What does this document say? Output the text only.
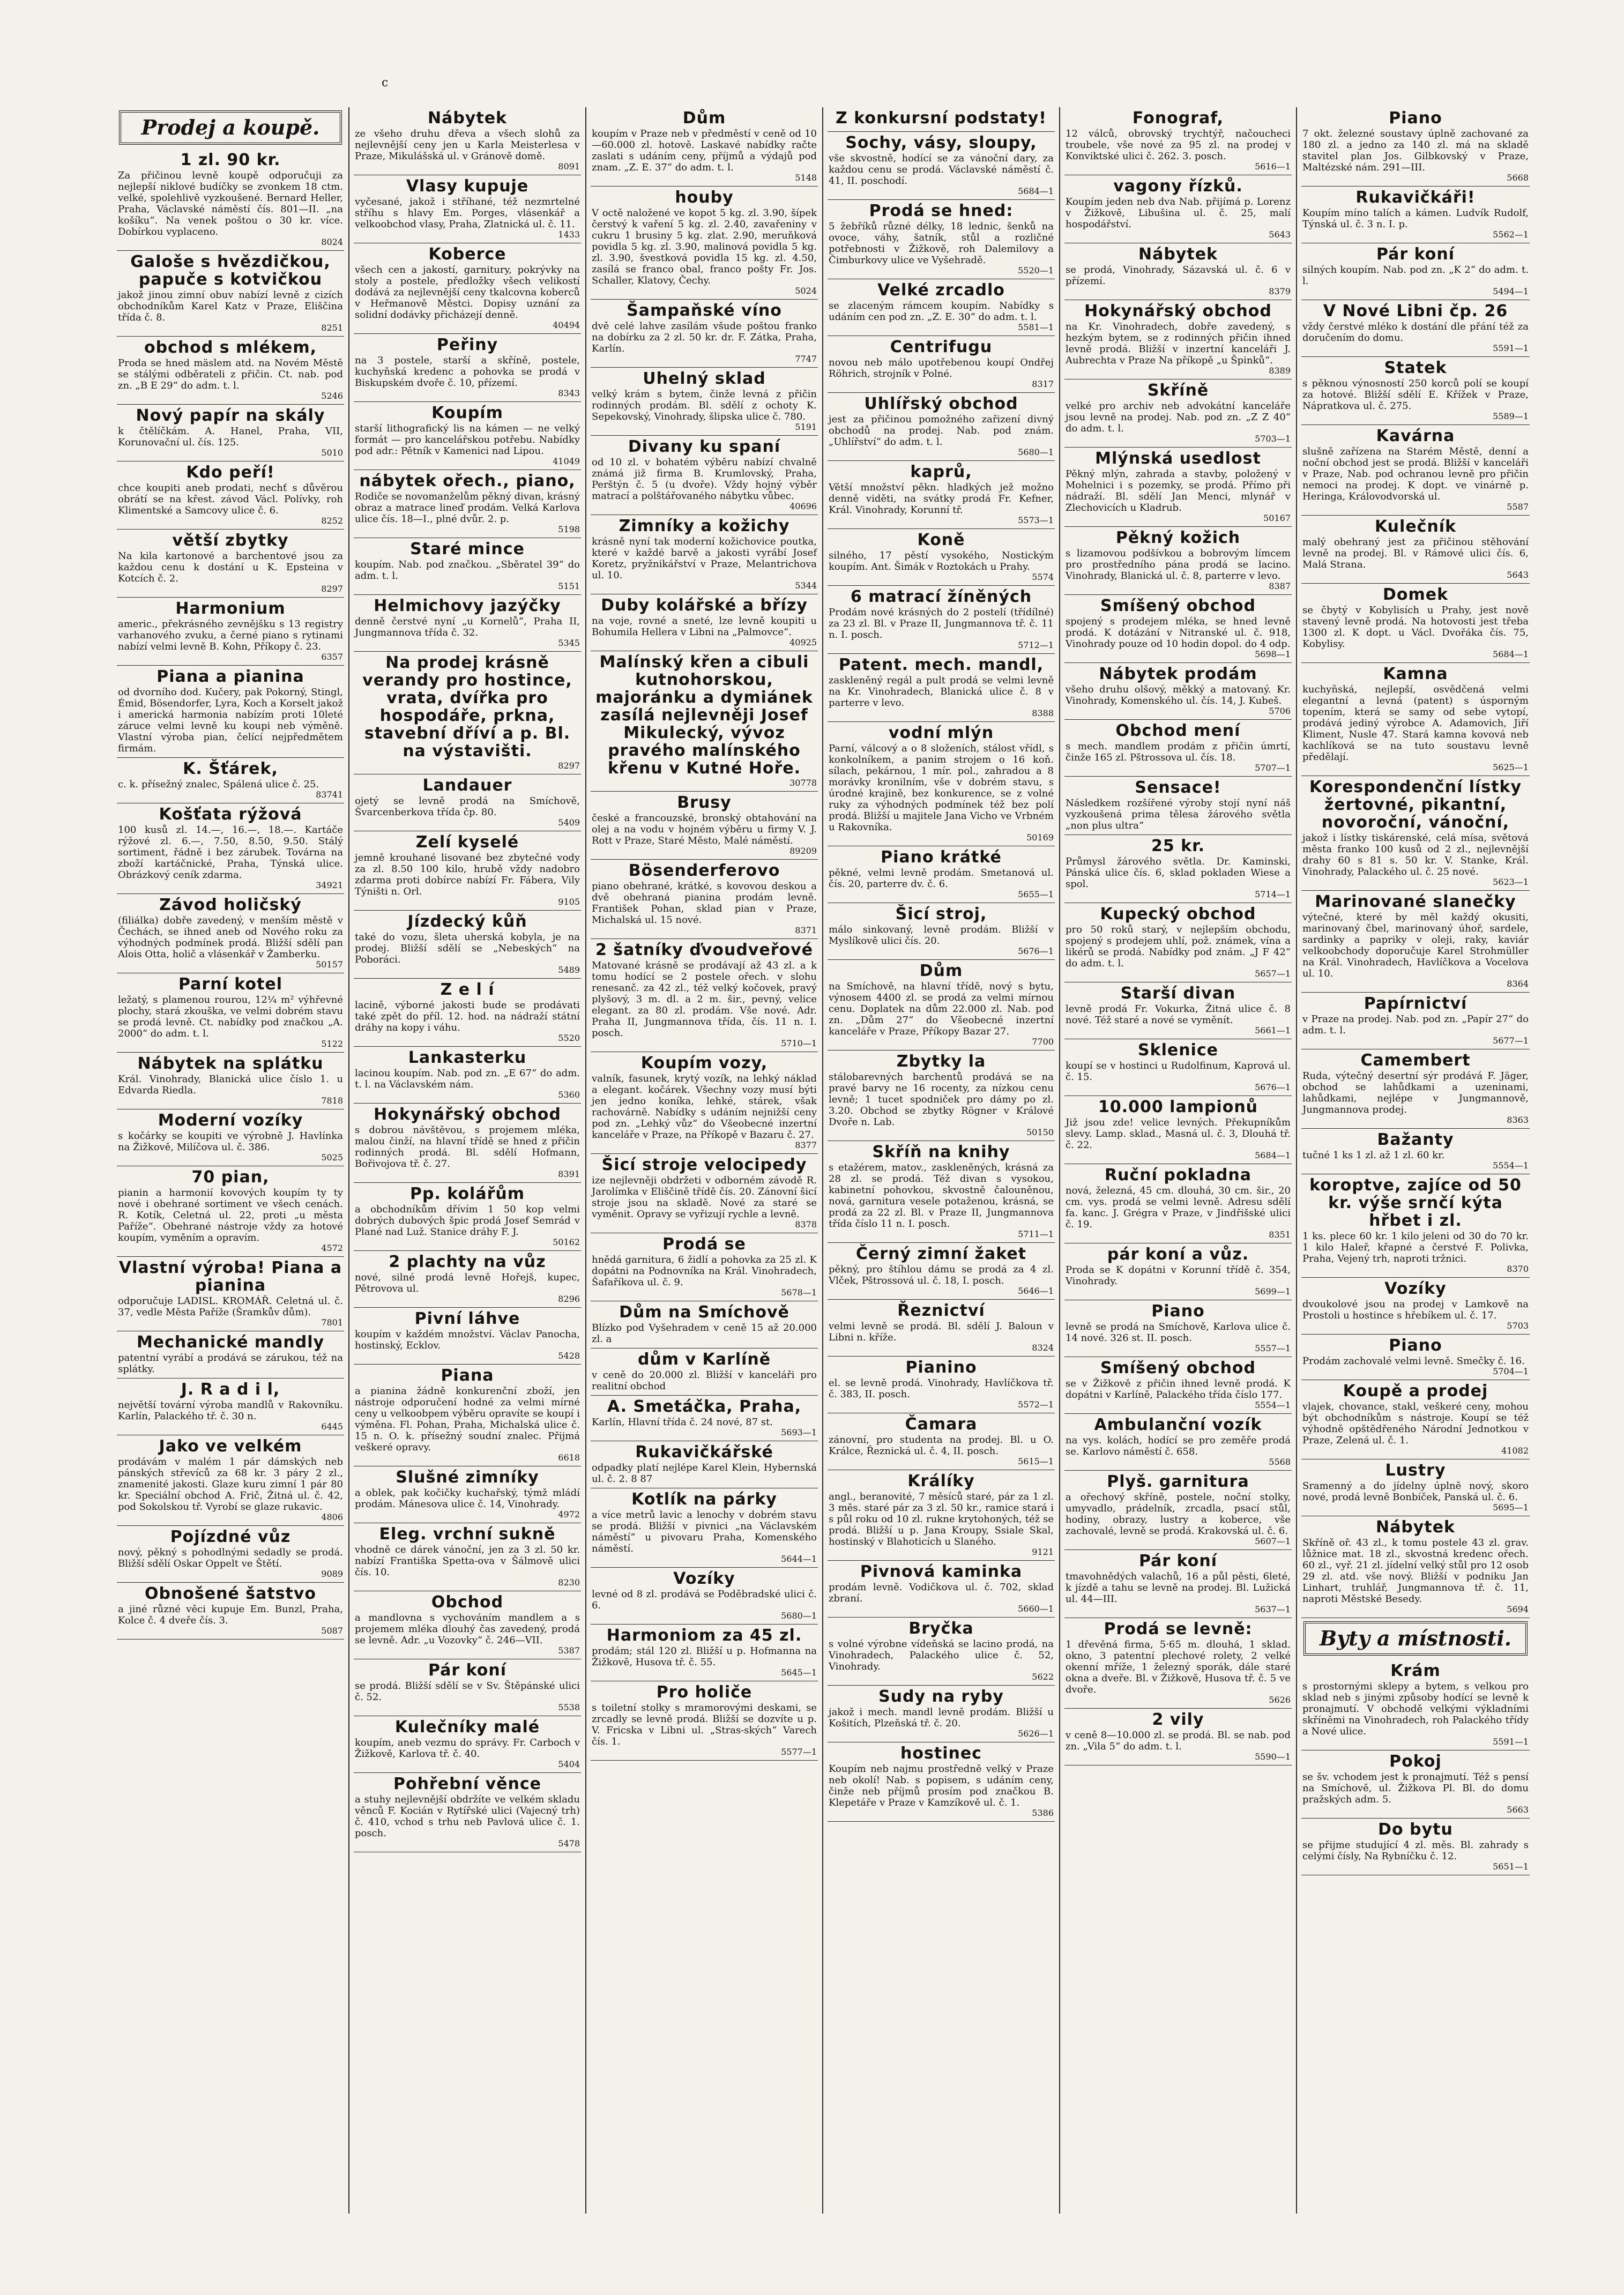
Prodej a koupě.
1 zl. 90 kr.

Za přičinou levně koupě odporučuji za nejlepší niklové budíčky se zvonkem 18 ctm. velké, spolehlivě vyzkoušené. Bernard Heller, Praha, Václavské náměstí čís. 801—II. „na košíku“. Na venek poštou o 30 kr. více. Dobírkou vyplaceno.

8024
Galoše s hvězdičkou, papuče s kotvičkou

jakož jinou zimní obuv nabízí levně z cizích obchodníkům Karel Katz v Praze, Eliščina třída č. 8.

8251
obchod s mlékem,

Proda se hned mäslem atd. na Novém Městě se stálými odběrateli z přičin. Ct. nab. pod zn. „B E 29“ do adm. t. l.

5246
Nový papír na skály

k čtělíčkám. A. Hanel, Praha, VII, Korunovační ul. čís. 125.

5010
Kdo peří!

chce koupiti aneb prodati, nechť s důvěrou obrátí se na křest. závod Václ. Polívky, roh Klimentské a Samcovy ulice č. 6.

8252
větší zbytky

Na kila kartonové a barchentové jsou za každou cenu k dostání u K. Epsteina v Kotcích č. 2.

8297
Harmonium

americ., překrásného zevnějšku s 13 registry varhanového zvuku, a černé piano s rytinami nabízí velmi levně B. Kohn, Příkopy č. 23.

6357
Piana a pianina

od dvorního dod. Kučery, pak Pokorný, Stingl, Émid, Bösendorfer, Lyra, Koch a Korselt jakož i americká harmonia nabízím proti 10leté záruce velmi levně ku koupi neb výměně. Vlastní výroba pian, čelící nejpředmětem firmám.

K. Šťárek,

c. k. přísežný znalec, Spálená ulice č. 25.

83741
Košťata rýžová

100 kusů zl. 14.—, 16.—, 18.—. Kartáče rýžové zl. 6.—, 7.50, 8.50, 9.50. Stálý sortiment, řádně i bez zárubek. Továrna na zboží kartáčnické, Praha, Týnská ulice. Obrázkový ceník zdarma.

34921
Závod holičský

(filiálka) dobře zavedený, v menším městě v Čechách, se ihned aneb od Nového roku za výhodných podmínek prodá. Bližší sdělí pan Alois Otta, holič a vlásenkář v Žamberku.

50157
Parní kotel

ležatý, s plamenou rourou, 12¼ m² výhřevné plochy, stará zkouška, ve velmi dobrém stavu se prodá levně. Ct. nabídky pod značkou „A. 2000“ do adm. t. l.

5122
Nábytek na splátku

Král. Vinohrady, Blanická ulice číslo 1. u Edvarda Riedla.

7818
Moderní vozíky

s kočárky se koupiti ve výrobně J. Havlínka na Žižkově, Milíčova ul. č. 386.

5025
70 pian,

pianin a harmonií kovových koupím ty ty nové i obehrané sortiment ve všech cenách. R. Kotík, Celetná ul. 22, proti „u města Paříže“. Obehrané nástroje vždy za hotové koupím, vyměním a opravím.

4572
Vlastní výroba! Piana a pianina

odporučuje LADISL. KROMÁŘ. Celetná ul. č. 37, vedle Města Paříže (Šramkův dům).

7801
Mechanické mandly

patentní vyrábí a prodává se zárukou, též na splátky.

J. R a d i l,

největší tovární výroba mandlů v Rakovníku. Karlín, Palackého tř. č. 30 n.

6445
Jako ve velkém

prodávám v malém 1 pár dámských neb pánských střevíců za 68 kr. 3 páry 2 zl., znamenité jakosti. Glaze kuru zimní 1 pár 80 kr. Speciální obchod A. Frič, Žitná ul. č. 42, pod Sokolskou tř. Vyrobí se glaze rukavic.

4806
Pojízdné vůz

nový, pěkný s pohodlnými sedadly se prodá. Bližší sdělí Oskar Oppelt ve Štětí.

9089
Obnošené šatstvo

a jiné různé věci kupuje Em. Bunzl, Praha, Kolce č. 4 dveře čís. 3.

5087
Nábytek

ze všeho druhu dřeva a všech slohů za nejlevnější ceny jen u Karla Meisterlesa v Praze, Mikulášská ul. v Gránově domě.

8091
Vlasy kupuje

vyčesané, jakož i stříhané, též nezmrtelné stříhu s hlavy Em. Porges, vlásenkář a velkoobchod vlasy, Praha, Zlatnická ul. č. 11.

1433
Koberce

všech cen a jakostí, garnitury, pokrývky na stoly a postele, předložky všech velikostí dodává za nejlevnější ceny tkalcovna koberců v Heřmanově Městci. Dopisy uznání za solidní dodávky přicházejí denně.

40494
Peřiny

na 3 postele, starší a skříně, postele, kuchyňská kredenc a pohovka se prodá v Biskupském dvoře č. 10, přízemí.

8343
Koupím

starší lithografický lis na kámen — ne velký formát — pro kancelářskou potřebu. Nabídky pod adr.: Pětník v Kamenici nad Lipou.

41049
nábytek ořech., piano,

Rodiče se novomanželům pěkný divan, krásný obraz a matrace lineď prodám. Velká Karlova ulice čís. 18—I., plné dvůr. 2. p.

5198
Staré mince

koupím. Nab. pod značkou. „Sběratel 39“ do adm. t. l.

5151
Helmichovy jazýčky

denně čerstvé nyní „u Kornelů“, Praha II, Jungmannova třída č. 32.

5345
Na prodej krásně verandy pro hostince, vrata, dvířka pro hospodáře, prkna, stavební dříví a p. Bl. na výstavišti.
8297
Landauer

ojetý se levně prodá na Smíchově, Švarcenberkova třída čp. 80.

5409
Zelí kyselé

jemně krouhané lisované bez zbytečné vody za zl. 8.50 100 kilo, hrubě vždy nadobro zdarma proti dobírce nabízí Fr. Fábera, Vily Týništi n. Orl.

9105
Jízdecký kůň

také do vozu, šleta uherská kobyla, je na prodej. Bližší sdělí se „Nebeských“ na Poboráci.

5489
Z e l í

lacině, výborné jakosti bude se prodávati také zpět do příl. 12. hod. na nádraží státní dráhy na kopy i váhu.

5520
Lankasterku

lacinou koupím. Nab. pod zn. „E 67“ do adm. t. l. na Václavském nám.

5360
Hokynářský obchod

s dobrou návštěvou, s projemem mléka, malou činží, na hlavní třídě se hned z přičin rodinných prodá. Bl. sdělí Hofmann, Bořivojova tř. č. 27.

8391
Pp. kolářům

a obchodníkům dřívím 1 50 kop velmi dobrých dubových špic prodá Josef Semrád v Plané nad Luž. Stanice dráhy F. J.

50162
2 plachty na vůz

nové, silné prodá levně Hořejš, kupec, Pětrovova ul.

8296
Pivní láhve

koupím v každém množství. Václav Panocha, hostinský, Ecklov.

5428
Piana

a pianina žádně konkurenční zboží, jen nástroje odporučení hodné za velmi mírné ceny u velkoobpem výběru opravíte se koupí i výměna. Fl. Pohan, Praha, Michalská ulice č. 15 n. O. k. přísežný soudní znalec. Přijmá veškeré opravy.

6618
Slušné zimníky

a oblek, pak kočičky kuchařský, týmž mládí prodám. Mánesova ulice č. 14, Vinohrady.

4972
Eleg. vrchní sukně

vhodně ce dárek vánoční, jen za 3 zl. 50 kr. nabízí Františka Spetta-ova v Šálmově ulici čís. 10.

8230
Obchod

a mandlovna s vychováním mandlem a s projemem mléka dlouhý čas zavedený, prodá se levně. Adr. „u Vozovky“ č. 246—VII.

5387
Pár koní

se prodá. Bližší sdělí se v Sv. Štěpánské ulici č. 52.

5538
Kulečníky malé

koupím, aneb vezmu do správy. Fr. Carboch v Žižkově, Karlova tř. č. 40.

5404
Pohřební věnce

a stuhy nejlevnější obdržíte ve velkém skladu věnců F. Kocián v Rytířské ulici (Vajecný trh) č. 410, vchod s trhu neb Pavlová ulice č. 1. posch.

5478
Dům

koupím v Praze neb v předměstí v ceně od 10—60.000 zl. hotově. Laskavé nabídky račte zaslati s udáním ceny, příjmů a výdajů pod znam. „Z. E. 37“ do adm. t. l.

5148
houby

V octě naložené ve kopot 5 kg. zl. 3.90, šípek čerstvý k vaření 5 kg. zl. 2.40, zavařeniny v cukru 1 brusiny 5 kg. zlat. 2.90, meruňková povidla 5 kg. zl. 3.90, malinová povidla 5 kg. zl. 3.90, švestková povidla 15 kg. zl. 4.50, zasílá se franco obal, franco pošty Fr. Jos. Schaller, Klatovy, Čechy.

5024
Šampaňské víno

dvě celé lahve zasílám všude poštou franko na dobírku za 2 zl. 50 kr. dr. F. Zátka, Praha, Karlín.

7747
Uhelný sklad

velký krám s bytem, činže levná z přičin rodinných prodám. Bl. sdělí z ochoty K. Sepekovský, Vinohrady, šlipska ulice č. 780.

5191
Divany ku spaní

od 10 zl. v bohatém výběru nabízí chvalně známá již firma B. Krumlovský, Praha, Perštýn č. 5 (u dvoře). Vždy hojný výběr matrací a polštářovaného nábytku vůbec.

40696
Zimníky a kožichy

krásně nyní tak moderní kožichovice poutka, které v každé barvě a jakosti vyrábí Josef Koretz, pryžnikářství v Praze, Melantrichova ul. 10.

5344
Duby kolářské a břízy

na voje, rovné a sneté, lze levně koupiti u Bohumila Hellera v Libni na „Palmovce“.

40925
Malínský křen a cibuli kutnohorskou, majoránku a dymiánek zasílá nejlevněji Josef Mikulecký, vývoz pravého malínského křenu v Kutné Hoře.
30778
Brusy

české a francouzské, bronský obtahování na olej a na vodu v hojném výběru u firmy V. J. Rott v Praze, Staré Město, Malé náměstí.

89209
Bösenderferovo

piano obehrané, krátké, s kovovou deskou a dvě obehraná pianina prodám levně. František Pohan, sklad pian v Praze, Michalská ul. 15 nové.

8371
2 šatníky ďvoudveřové

Matované krásně se prodávají až 43 zl. a k tomu hodící se 2 postele ořech. v slohu renesanč. za 42 zl., též velký kočovek, pravý plyšový, 3 m. dl. a 2 m. šir., pevný, velice elegant. za 80 zl. prodám. Vše nové. Adr. Praha II, Jungmannova třída, čís. 11 n. I. posch.

5710—1
Koupím vozy,

valník, fasunek, krytý vozík, na lehký náklad a elegant. kočárek. Všechny vozy musí býti jen jedno koníka, lehké, stárek, však rachovárně. Nabídky s udáním nejnižší ceny pod zn. „Lehký vůz“ do Všeobecné inzertní kanceláře v Praze, na Příkopě v Bazaru č. 27.

8377
Šicí stroje velocipedy

ize nejlevněji obdržeti v odborném závodě R. Jarolímka v Eliščině třídě čís. 20. Zánovní šicí stroje jsou na skladě. Nové za staré se vyměnit. Opravy se vyřizují rychle a levně.

8378
Prodá se

hnědá garnitura, 6 židlí a pohovka za 25 zl. K dopátni na Podnovníka na Král. Vinohradech, Šafaříkova ul. č. 9.

5678—1
Dům na Smíchově

Blízko pod Vyšehradem v ceně 15 až 20.000 zl. a

dům v Karlíně

v ceně do 20.000 zl. Bližší v kanceláři pro realitní obchod

A. Smetáčka, Praha,

Karlín, Hlavní třída č. 24 nové, 87 st.

5693—1
Rukavičkářské

odpadky platí nejlépe Karel Klein, Hybernská ul. č. 2. 8 87

Kotlík na párky

a více metrů lavic a lenochy v dobrém stavu se prodá. Bližší v pivnici „na Václavském náměstí“ u pivovaru Praha, Komenského náměstí.

5644—1
Vozíky

levné od 8 zl. prodává se Poděbradské ulici č. 6.

5680—1
Harmoniom za 45 zl.

prodám; stál 120 zl. Bližší u p. Hofmanna na Žižkově, Husova tř. č. 55.

5645—1
Pro holiče

s toiletní stolky s mramorovými deskami, se zrcadly se levně prodá. Bližší se dozvíte u p. V. Fricska v Libni ul. „Stras-ských“ Varech čís. 1.

5577—1
Z konkursní podstaty!
Sochy, vásy, sloupy,

vše skvostně, hodící se za vánoční dary, za každou cenu se prodá. Václavské náměstí č. 41, II. poschodí.

5684—1
Prodá se hned:

5 žebříků různé délky, 18 lednic, šenků na ovoce, váhy, šatník, stůl a rozličné potřebnosti v Žižkově, roh Dalemilovy a Čimburkovy ulice ve Vyšehradě.

5520—1
Velké zrcadlo

se zlaceným rámcem koupím. Nabídky s udáním cen pod zn. „Z. E. 30“ do adm. t. l.

5581—1
Centrifugu

novou neb málo upotřebenou koupí Ondřej Röhrich, strojník v Polné.

8317
Uhlířský obchod

jest za přičinou pomožného zařizení divný obchodů na prodej. Nab. pod znám. „Uhlířství“ do adm. t. l.

5680—1
kaprů,

Větší množství pěkn. hladkých jež možno denně viděti, na svátky prodá Fr. Kefner, Král. Vinohrady, Korunní tř.

5573—1
Koně

silného, 17 pěstí vysokého, Nostickým koupím. Ant. Šimák v Roztokách u Prahy.

5574
6 matrací žíněných

Prodám nové krásných do 2 postelí (třídílné) za 23 zl. Bl. v Praze II, Jungmannova tř. č. 11 n. I. posch.

5712—1
Patent. mech. mandl,

zaskleněný regál a pult prodá se velmi levně na Kr. Vinohradech, Blanická ulice č. 8 v parterre v levo.

8388
vodní mlýn

Parní, válcový a o 8 složeních, stálost vřídl, s konkolníkem, a panim strojem o 16 koň. sílach, pekárnou, 1 mír. pol., zahradou a 8 morávky kronilním, vše v dobrém stavu, s úrodné krajině, bez konkurence, se z volné ruky za výhodných podmínek též bez polí prodá. Bližší u majitele Jana Vicho ve Vrbném u Rakovníka.

50169
Piano krátké

pěkné, velmi levně prodám. Smetanová ul. čís. 20, parterre dv. č. 6.

5655—1
Šicí stroj,

málo sinkovaný, levně prodám. Bližší v Myslíkově ulici čís. 20.

5676—1
Dům

na Smíchově, na hlavní třídě, nový s bytu, výnosem 4400 zl. se prodá za velmi mírnou cenu. Doplatek na dům 22.000 zl. Nab. pod zn. „Dům 27“ do Všeobecné inzertní kanceláře v Praze, Příkopy Bazar 27.

7700
Zbytky la

stálobarevných barchentů prodává se na pravé barvy ne 16 rocenty, za nízkou cenu levně; 1 tucet spodniček pro dámy po zl. 3.20. Obchod se zbytky Rögner v Králové Dvoře n. Lab.

50150
Skříň na knihy

s etažérem, matov., zaskleněných, krásná za 28 zl. se prodá. Též divan s vysokou, kabinetní pohovkou, skvostně čalouněnou, nová, garnitura vesele potaženou, krásná, se prodá za 22 zl. Bl. v Praze II, Jungmannova třída číslo 11 n. I. posch.

5711—1
Černý zimní žaket

pěkný, pro štíhlou dámu se prodá za 4 zl. Vlček, Pštrossová ul. č. 18, I. posch.

5646—1
Řeznictví

velmi levně se prodá. Bl. sdělí J. Baloun v Libni n. kříže.

8324
Pianino

el. se levně prodá. Vinohrady, Havlíčkova tř. č. 383, II. posch.

5572—1
Čamara

zánovní, pro studenta na prodej. Bl. u O. Králce, Řeznická ul. č. 4, II. posch.

5615—1
Králíky

angl., beranovité, 7 měsíců staré, pár za 1 zl. 3 měs. staré pár za 3 zl. 50 kr., ramice stará i s půl roku od 10 zl. rukne krytohoných, též se prodá. Bližší u p. Jana Kroupy, Ssiale Skal, hostinský v Blahoticích u Slaného.

9121
Pivnová kaminka

prodám levně. Vodičkova ul. č. 702, sklad zbraní.

5660—1
Bryčka

s volné výrobne vídeňská se lacino prodá, na Vinohradech, Palackého ulice č. 52, Vinohrady.

5622
Sudy na ryby

jakož i mech. mandl levně prodám. Bližší u Košitích, Plzeňská tř. č. 20.

5626—1
hostinec

Koupím neb najmu prostředně velký v Praze neb okolí! Nab. s popisem, s udáním ceny, činže neb příjmů prosím pod značkou B. Klepetáře v Praze v Kamzíkově ul. č. 1.

5386
Fonograf,

12 válců, obrovský trychtýř, načoucheci troubele, vše nové za 95 zl. na prodej v Konviktské ulici č. 262. 3. posch.

5616—1
vagony řízků.

Koupím jeden neb dva Nab. přijímá p. Lorenz v Žižkově, Libušina ul. č. 25, malí hospodářství.

5643
Nábytek

se prodá, Vinohrady, Sázavská ul. č. 6 v přízemí.

8379
Hokynářský obchod

na Kr. Vinohradech, dobře zavedený, s hezkým bytem, se z rodinných přičin ihned levně prodá. Bližší v inzertní kanceláři J. Aubrechta v Praze Na příkopě „u Špinků“.

8389
Skříně

velké pro archiv neb advokátní kanceláře jsou levně na prodej. Nab. pod zn. „Z Z 40“ do adm. t. l.

5703—1
Mlýnská usedlost

Pěkný mlýn, zahrada a stavby, položený v Mohelnici i s pozemky, se prodá. Přímo při nádraží. Bl. sdělí Jan Menci, mlynář v Zlechovicích u Kladrub.

50167
Pěkný kožich

s lizamovou podšívkou a bobrovým límcem pro prostředního pána prodá se lacino. Vinohrady, Blanická ul. č. 8, parterre v levo.

8387
Smíšený obchod

spojený s prodejem mléka, se hned levně prodá. K dotázání v Nitranské ul. č. 918, Vinohrady pouze od 10 hodin dopol. do 4 odp.

5698—1
Nábytek prodám

všeho druhu olšový, měkký a matovaný. Kr. Vinohrady, Komenského ul. čís. 14, J. Kubeš.

5706
Obchod mení

s mech. mandlem prodám z přičin úmrtí, činže 165 zl. Pštrossova ul. čís. 18.

5707—1
Sensace!

Následkem rozšířené výroby stojí nyní náš vyzkoušená prima tělesa žárového světla „non plus ultra“

25 kr.

Průmysl žárového světla. Dr. Kaminski, Pánská ulice čís. 6, sklad pokladen Wiese a spol.

5714—1
Kupecký obchod

pro 50 roků starý, v nejlepším obchodu, spojený s prodejem uhlí, pož. známek, vína a likérů se prodá. Nabídky pod znám. „J F 42“ do adm. t. l.

5657—1
Starší divan

levně prodá Fr. Vokurka, Žitná ulice č. 8 nové. Též staré a nové se vyměnít.

5661—1
Sklenice

koupí se v hostinci u Rudolfinum, Kaprová ul. č. 15.

5676—1
10.000 lampionů

Již jsou zde! velice levných. Překupníkům slevy. Lamp. sklad., Masná ul. č. 3, Dlouhá tř. č. 22.

5684—1
Ruční pokladna

nová, železná, 45 cm. dlouhá, 30 cm. šir., 20 cm. vys. prodá se velmi levně. Adresu sdělí fa. kanc. J. Grégra v Praze, v Jindřišské ulici č. 19.

8351
pár koní a vůz.

Proda se K dopátni v Korunní třídě č. 354, Vinohrady.

5699—1
Piano

levně se prodá na Smíchově, Karlova ulice č. 14 nové. 326 st. II. posch.

5557—1
Smíšený obchod

se v Žižkově z přičin ihned levně prodá. K dopátni v Karlíně, Palackého třída číslo 177.

5554—1
Ambulanční vozík

na vys. kolách, hodící se pro zeměře prodá se. Karlovo náměstí č. 658.

5568
Plyš. garnitura

a ořechový skříně, postele, noční stolky, umyvadlo, prádelník, zrcadla, psací stůl, hodiny, obrazy, lustry a koberce, vše zachovalé, levně se prodá. Krakovská ul. č. 6.

5607—1
Pár koní

tmavohnědých valachů, 16 a půl pěsti, 6leté, k jízdě a tahu se levně na prodej. Bl. Lužická ul. 44—III.

5637—1
Prodá se levně:

1 dřevěná firma, 5·65 m. dlouhá, 1 sklad. okno, 3 patentní plechové rolety, 2 velké okenní mříže, 1 železný sporák, dále staré okna a dveře. Bl. v Žižkově, Husova tř. č. 5 ve dvoře.

5626
2 vily

v ceně 8—10.000 zl. se prodá. Bl. se nab. pod zn. „Vila 5“ do adm. t. l.

5590—1
Piano

7 okt. železné soustavy úplně zachované za 180 zl. a jedno za 140 zl. má na skladě stavitel plan Jos. Gilbkovský v Praze, Maltézské nám. 291—III.

5668
Rukavičkáři!

Koupím míno talích a kámen. Ludvík Rudolf, Týnská ul. č. 3 n. I. p.

5562—1
Pár koní

silných koupím. Nab. pod zn. „K 2“ do adm. t. l.

5494—1
V Nové Libni čp. 26

vždy čerstvé mléko k dostání dle přání též za doručením do domu.

5591—1
Statek

s pěknou výnosností 250 korců polí se koupí za hotové. Bližší sdělí E. Křížek v Praze, Nápratkova ul. č. 275.

5589—1
Kavárna

slušně zařízena na Starém Městě, denní a noční obchod jest se prodá. Bližší v kanceláři v Praze, Nab. pod ochranou levně pro přičin nemoci na prodej. K dopt. ve vinárně p. Heringa, Královodvorská ul.

5587
Kulečník

malý obehraný jest za přičinou stěhování levně na prodej. Bl. v Rámové ulici čís. 6, Malá Strana.

5643
Domek

se čbytý v Kobylisích u Prahy, jest nově stavený levně prodá. Na hotovosti jest třeba 1300 zl. K dopt. u Václ. Dvořáka čís. 75, Kobylisy.

5684—1
Kamna

kuchyňská, nejlepší, osvědčená velmi elegantní a levná (patent) s úsporným topením, která se samy od sebe vytopí, prodává jediný výrobce A. Adamovich, Jiří Kliment, Nusle 47. Stará kamna kovová neb kachlíková se na tuto soustavu levně předělají.

5625—1
Korespondenční lístky žertovné, pikantní, novoroční, vánoční,

jakož i lístky tiskárenské, celá mísa, světová města franko 100 kusů od 2 zl., nejlevnější drahy 60 s 81 s. 50 kr. V. Stanke, Král. Vinohrady, Palackého ul. č. 25 nové.

5623—1
Marinované slanečky

výtečné, které by měl každý okusiti, marinovaný čbel, marinovaný úhoř, sardele, sardinky a papriky v oleji, raky, kaviár velkoobchody doporučuje Karel Strohmüller na Král. Vinohradech, Havlíčkova a Vocelova ul. 10.

8364
Papírnictví

v Praze na prodej. Nab. pod zn. „Papír 27“ do adm. t. l.

5677—1
Camembert

Ruda, výtečný desertní sýr prodává F. Jäger, obchod se lahůdkami a uzeninami, lahůdkami, nejlépe v Jungmannově, Jungmannova prodej.

8363
Bažanty

tučné 1 ks 1 zl. až 1 zl. 60 kr.

5554—1
koroptve, zajíce od 50 kr. výše srnčí kýta hřbet i zl.

1 ks. plece 60 kr. 1 kilo jeleni od 30 do 70 kr. 1 kilo Haleř, křapné a čerstvé F. Polivka, Praha, Vejený trh, naproti tržnici.

8370
Vozíky

dvoukolové jsou na prodej v Lamkově na Prostoli u hostince s hřebíkem ul. č. 17.

5703
Piano

Prodám zachovalé velmi levně. Smečky č. 16.

5704—1
Koupě a prodej

vlajek, chovance, stakl, veškeré ceny, mohou být obchodníkům s nástroje. Koupí se též výhodně opštědřeného Národní Jednotkou v Praze, Zelená ul. č. 1.

41082
Lustry

Sramenný a do jídelny úplně nový, skoro nové, prodá levně Bonbíček, Panská ul. č. 6.

5695—1
Nábytek

Skříně oř. 43 zl., k tomu postele 43 zl. grav. lůžnice mat. 18 zl., skvostná kredenc ořech. 60 zl., vyř. 21 zl. jídelní velký stůl pro 12 osob 29 zl. atd. vše nový. Bližší v podniku Jan Linhart, truhlář, Jungmannova tř. č. 11, naproti Městské Besedy.

5694
Byty a místnosti.
Krám

s prostornými sklepy a bytem, s velkou pro sklad neb s jinými způsoby hodící se levně k pronajmutí. V obchodě velkými výkladními skříněmi na Vinohradech, roh Palackého třídy a Nové ulice.

5591—1
Pokoj

se šv. vchodem jest k pronajmutí. Též s pensí na Smíchově, ul. Žižkova Pl. Bl. do domu pražských adm. 5.

5663
Do bytu

se přijme studující 4 zl. měs. Bl. zahrady s celými čísly, Na Rybníčku č. 12.

5651—1
c
